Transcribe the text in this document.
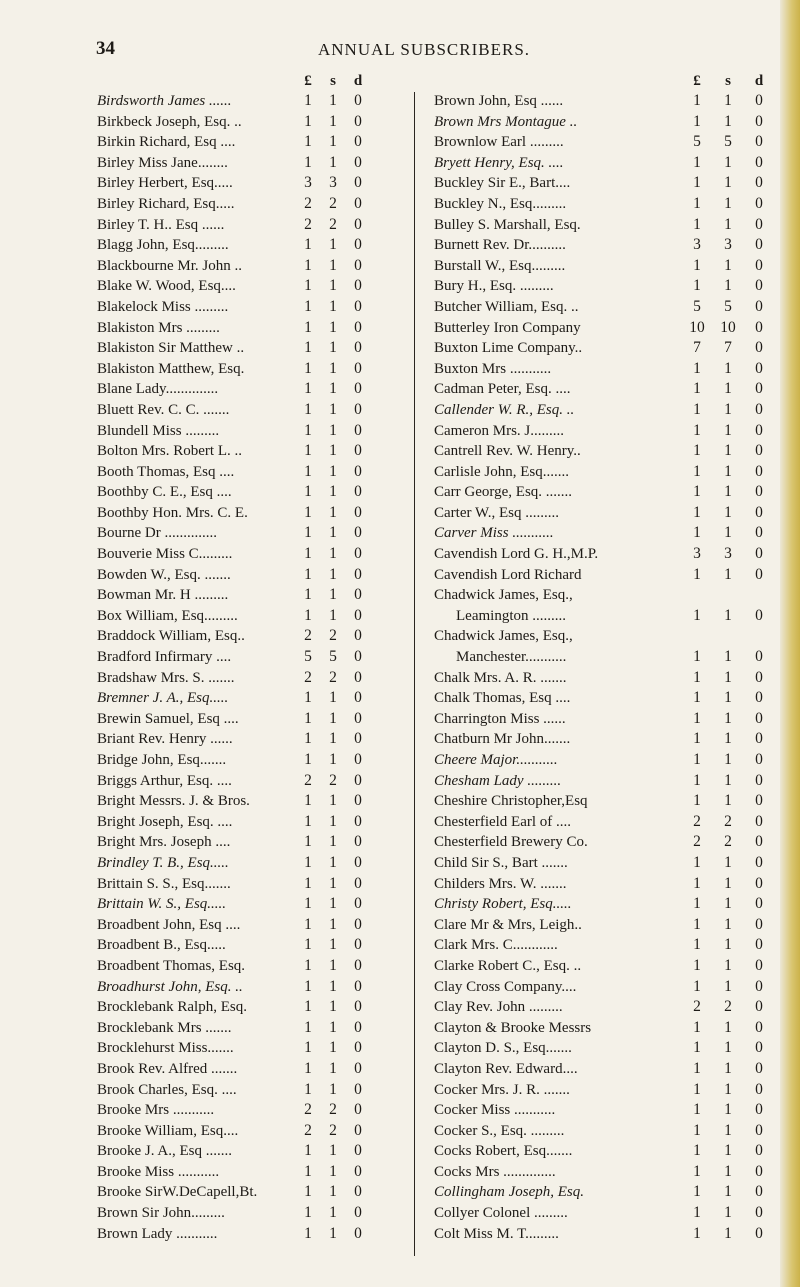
34	ANNUAL SUBSCRIBERS.
£	s	d
Birdsworth James ......	1	1	0
Birkbeck Joseph, Esq. ..	1	1	0
Birkin Richard, Esq ....	1	1	0
Birley Miss Jane........	1	1	0
Birley Herbert, Esq.....	3	3	0
Birley Richard, Esq.....	2	2	0
Birley T. H.. Esq ......	2	2	0
Blagg John, Esq.........	1	1	0
Blackbourne Mr. John ..	1	1	0
Blake W. Wood, Esq....	1	1	0
Blakelock Miss .........	1	1	0
Blakiston Mrs .........	1	1	0
Blakiston Sir Matthew ..	1	1	0
Blakiston Matthew, Esq.	1	1	0
Blane Lady..............	1	1	0
Bluett Rev. C. C. .......	1	1	0
Blundell Miss .........	1	1	0
Bolton Mrs. Robert L. ..	1	1	0
Booth Thomas, Esq ....	1	1	0
Boothby C. E., Esq ....	1	1	0
Boothby Hon. Mrs. C. E.	1	1	0
Bourne Dr ..............	1	1	0
Bouverie Miss C.........	1	1	0
Bowden W., Esq. .......	1	1	0
Bowman Mr. H .........	1	1	0
Box William, Esq.........	1	1	0
Braddock William, Esq..	2	2	0
Bradford Infirmary ....	5	5	0
Bradshaw Mrs. S. .......	2	2	0
Bremner J. A., Esq.....	1	1	0
Brewin Samuel, Esq ....	1	1	0
Briant Rev. Henry ......	1	1	0
Bridge John, Esq.......	1	1	0
Briggs Arthur, Esq. ....	2	2	0
Bright Messrs. J. & Bros.	1	1	0
Bright Joseph, Esq. ....	1	1	0
Bright Mrs. Joseph ....	1	1	0
Brindley T. B., Esq.....	1	1	0
Brittain S. S., Esq.......	1	1	0
Brittain W. S., Esq.....	1	1	0
Broadbent John, Esq ....	1	1	0
Broadbent B., Esq.....	1	1	0
Broadbent Thomas, Esq.	1	1	0
Broadhurst John, Esq. ..	1	1	0
Brocklebank Ralph, Esq.	1	1	0
Brocklebank Mrs .......	1	1	0
Brocklehurst Miss.......	1	1	0
Brook Rev. Alfred .......	1	1	0
Brook Charles, Esq. ....	1	1	0
Brooke Mrs ...........	2	2	0
Brooke William, Esq....	2	2	0
Brooke J. A., Esq .......	1	1	0
Brooke Miss ...........	1	1	0
Brooke SirW.DeCapell,Bt.	1	1	0
Brown Sir John.........	1	1	0
Brown Lady ...........	1	1	0
£	s	d
Brown John, Esq ......	1	1	0
Brown Mrs Montague ..	1	1	0
Brownlow Earl .........	5	5	0
Bryett Henry, Esq. ....	1	1	0
Buckley Sir E., Bart....	1	1	0
Buckley N., Esq.........	1	1	0
Bulley S. Marshall, Esq.	1	1	0
Burnett Rev. Dr..........	3	3	0
Burstall W., Esq.........	1	1	0
Bury H., Esq. .........	1	1	0
Butcher William, Esq. ..	5	5	0
Butterley Iron Company	10 10	0
Buxton Lime Company..	7	7	0
Buxton Mrs ...........	1	1	0
Cadman Peter, Esq. ....	1	1	0
Callender W. R., Esq. ..	1	1	0
Cameron Mrs. J.........	1	1	0
Cantrell Rev. W. Henry..	1	1	0
Carlisle John, Esq.......	1	1	0
Carr George, Esq. .......	1	1	0
Carter W., Esq .........	1	1	0
Carver Miss ...........	1	1	0
Cavendish Lord G. H.,M.P.	3	3	0
Cavendish Lord Richard	1	1	0
Chadwick James, Esq.,
Leamington .........	1	1	0
Chadwick James, Esq.,
Manchester...........	1	1	0
Chalk Mrs. A. R. .......	1	1	0
Chalk Thomas, Esq ....	1	1	0
Charrington Miss ......	1	1	0
Chatburn Mr John.......	1	1	0
Cheere Major...........	1	1	0
Chesham Lady .........	1	1	0
Cheshire Christopher,Esq	1	1	0
Chesterfield Earl of ....	2	2	0
Chesterfield Brewery Co.	2	2	0
Child Sir S., Bart .......	1	1	0
Childers Mrs. W. .......	1	1	0
Christy Robert, Esq.....	1	1	0
Clare Mr & Mrs, Leigh..	1	1	0
Clark Mrs. C............	1	1	0
Clarke Robert C., Esq. ..	1	1	0
Clay Cross Company....	1	1	0
Clay Rev. John .........	2	2	0
Clayton & Brooke Messrs	1	1	0
Clayton D. S., Esq.......	1	1	0
Clayton Rev. Edward....	1	1	0
Cocker Mrs. J. R. .......	1	1	0
Cocker Miss ...........	1	1	0
Cocker S., Esq. .........	1	1	0
Cocks Robert, Esq.......	1	1	0
Cocks Mrs ..............	1	1	0
Collingham Joseph, Esq.	1	1	0
Collyer Colonel .........	1	1	0
Colt Miss M. T.........	1	1	0
